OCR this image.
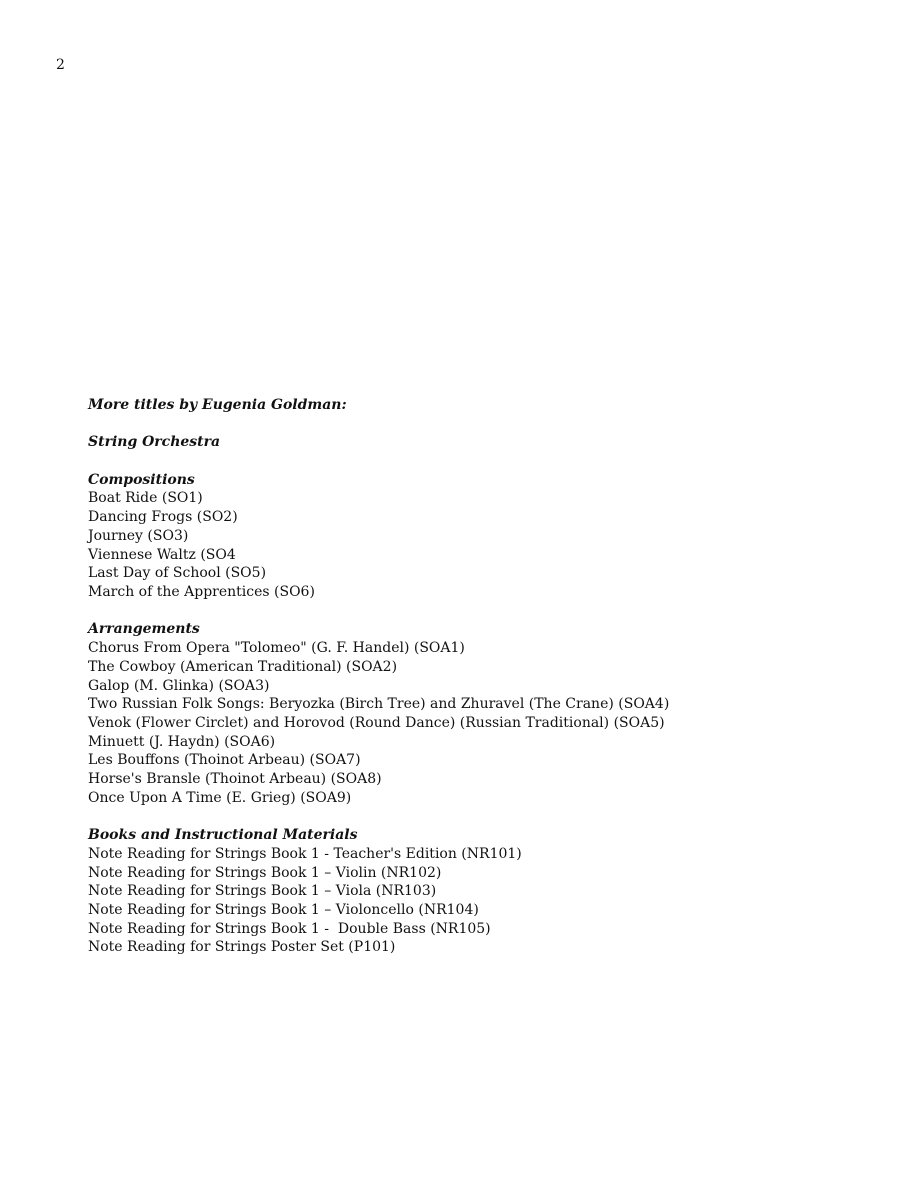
2

More titles by Eugenia Goldman:

String Orchestra

Compositions

Boat Ride (SO1)

Dancing Frogs (SO2)

Journey (SO3)

Viennese Waltz (SO4

Last Day of School (SO5)

March of the Apprentices (SO6)

Arrangements

Chorus From Opera "Tolomeo" (G. F. Handel) (SOA1)

The Cowboy (American Traditional) (SOA2)

Galop (M. Glinka) (SOA3)

Two Russian Folk Songs: Beryozka (Birch Tree) and Zhuravel (The Crane) (SOA4)

Venok (Flower Circlet) and Horovod (Round Dance) (Russian Traditional) (SOA5)

Minuett (J. Haydn) (SOA6)

Les Bouffons (Thoinot Arbeau) (SOA7)

Horse's Bransle (Thoinot Arbeau) (SOA8)

Once Upon A Time (E. Grieg) (SOA9)

Books and Instructional Materials

Note Reading for Strings Book 1 - Teacher's Edition (NR101)

Note Reading for Strings Book 1 – Violin (NR102)

Note Reading for Strings Book 1 – Viola (NR103)

Note Reading for Strings Book 1 – Violoncello (NR104)

Note Reading for Strings Book 1 -  Double Bass (NR105)

Note Reading for Strings Poster Set (P101)
